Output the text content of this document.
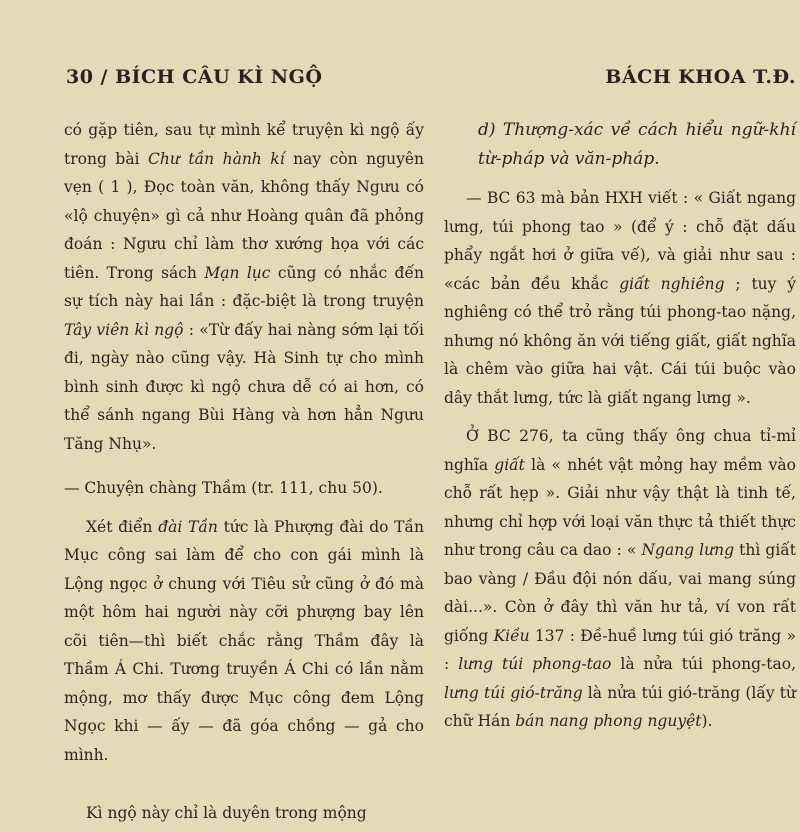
30 / BÍCH CÂU KÌ NGỘ	BÁCH KHOA T.Đ.

có gặp tiên, sau tự mình kể truyện kì ngộ ấy trong bài Chư tần hành kí nay còn nguyên vẹn ( 1 ), Đọc toàn văn, không thấy Ngưu có «lộ chuyện» gì cả như Hoàng quân đã phỏng đoán : Ngưu chỉ làm thơ xướng họa với các tiên. Trong sách Mạn lục cũng có nhắc đến sự tích này hai lần : đặc-biệt là trong truyện Tây viên kì ngộ : «Từ đấy hai nàng sớm lại tối đi, ngày nào cũng vậy. Hà Sinh tự cho mình bình sinh được kì ngộ chưa dễ có ai hơn, có thể sánh ngang Bùi Hàng và hơn hẳn Ngưu Tăng Nhụ».

— Chuyện chàng Thầm (tr. 111, chu 50).

Xét điển đài Tần tức là Phượng đài do Tần Mục công sai làm để cho con gái mình là Lộng ngọc ở chung với Tiêu sử cũng ở đó mà một hôm hai người này cỡi phượng bay lên cõi tiên—thì biết chắc rằng Thầm đây là Thầm Á Chi. Tương truyền Á Chi có lần nằm mộng, mơ thấy được Mục công đem Lộng Ngọc khi — ấy — đã góa chồng — gả cho mình.

Kì ngộ này chỉ là duyên trong mộng

d) Thượng-xác về cách hiểu ngữ-khí từ-pháp và văn-pháp.

— BC 63 mà bản HXH viết : « Giất ngang lưng, túi phong tao » (để ý : chỗ đặt dấu phẩy ngắt hơi ở giữa vế), và giải như sau : «các bản đều khắc giất nghiêng ; tuy ý nghiêng có thể trỏ rằng túi phong-tao nặng, nhưng nó không ăn với tiếng giất, giất nghĩa là chêm vào giữa hai vật. Cái túi buộc vào dây thắt lưng, tức là giất ngang lưng ».

Ở BC 276, ta cũng thấy ông chua tỉ-mỉ nghĩa giất là « nhét vật mỏng hay mềm vào chỗ rất hẹp ». Giải như vậy thật là tinh tế, nhưng chỉ hợp với loại văn thực tả thiết thực như trong câu ca dao : « Ngang lưng thì giất bao vàng / Đầu đội nón dấu, vai mang súng dài...». Còn ở đây thì văn hư tả, ví von rất giống Kiều 137 : Đề-huề lưng túi gió trăng » : lưng túi phong-tao là nửa túi phong-tao, lưng túi gió-trăng là nửa túi gió-trăng (lấy từ chữ Hán bán nang phong nguyệt).
